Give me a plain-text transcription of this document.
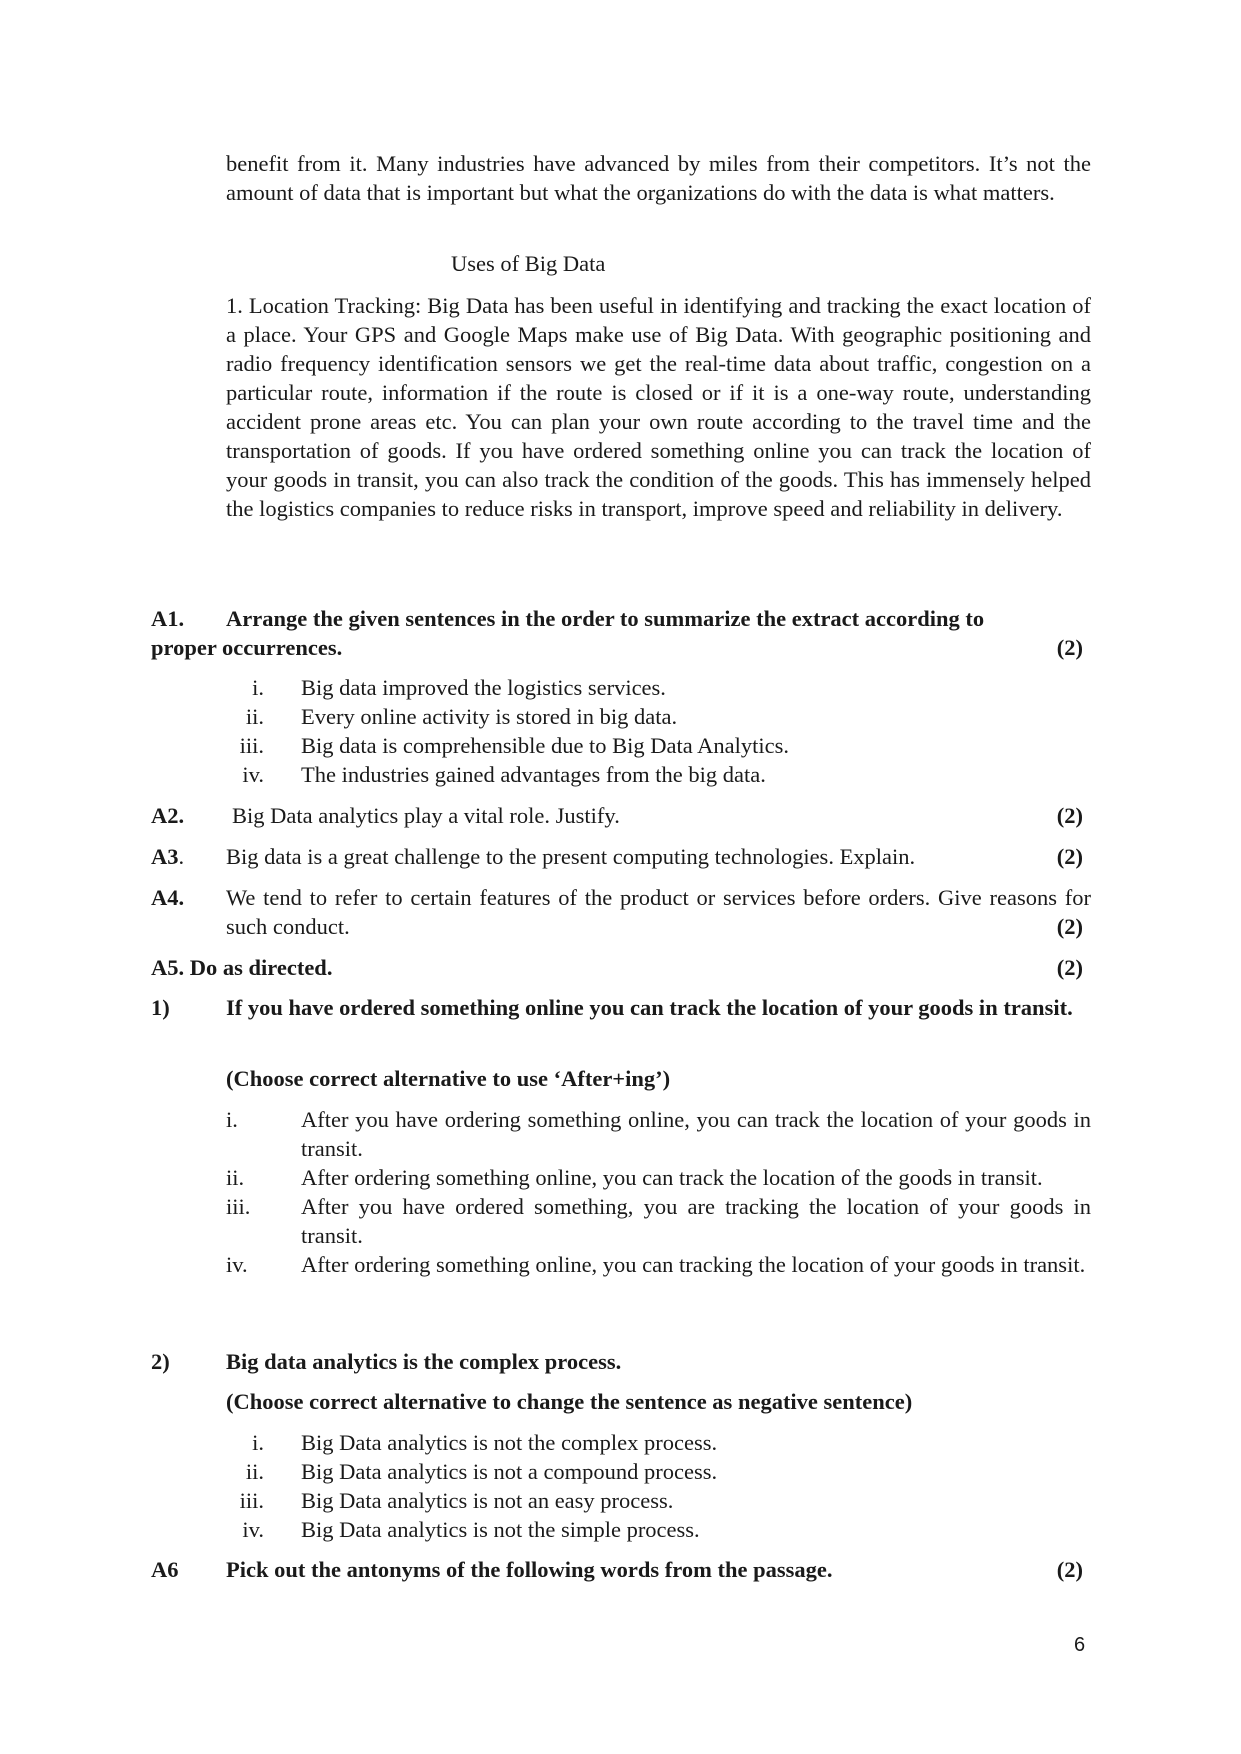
benefit from it. Many industries have advanced by miles from their competitors. It’s not the amount of data that is important but what the organizations do with the data is what matters.

Uses of Big Data

1. Location Tracking: Big Data has been useful in identifying and tracking the exact location of a place. Your GPS and Google Maps make use of Big Data. With geographic positioning and radio frequency identification sensors we get the real-time data about traffic, congestion on a particular route, information if the route is closed or if it is a one-way route, understanding accident prone areas etc. You can plan your own route according to the travel time and the transportation of goods. If you have ordered something online you can track the location of your goods in transit, you can also track the condition of the goods. This has immensely helped the logistics companies to reduce risks in transport, improve speed and reliability in delivery.

A1. Arrange the given sentences in the order to summarize the extract according to

proper occurrences.	(2)
i. Big data improved the logistics services.
ii. Every online activity is stored in big data.
iii. Big data is comprehensible due to Big Data Analytics.
iv. The industries gained advantages from the big data.
A2. Big Data analytics play a vital role. Justify.	(2)
A3. Big data is a great challenge to the present computing technologies. Explain.	(2)
A4. We tend to refer to certain features of the product or services before orders. Give reasons for such conduct.	(2)

A5. Do as directed.	(2)
1)	If you have ordered something online you can track the location of your goods in transit.

(Choose correct alternative to use ‘After+ing’)

i.	After you have ordering something online, you can track the location of your goods in transit.
ii.	After ordering something online, you can track the location of the goods in transit.
iii.	After you have ordered something, you are tracking the location of your goods in transit.
iv.	After ordering something online, you can tracking the location of your goods in transit.
2)	Big data analytics is the complex process.

(Choose correct alternative to change the sentence as negative sentence)

i. Big Data analytics is not the complex process.
ii. Big Data analytics is not a compound process.
iii. Big Data analytics is not an easy process.
iv. Big Data analytics is not the simple process.
A6 Pick out the antonyms of the following words from the passage.	(2)
6
